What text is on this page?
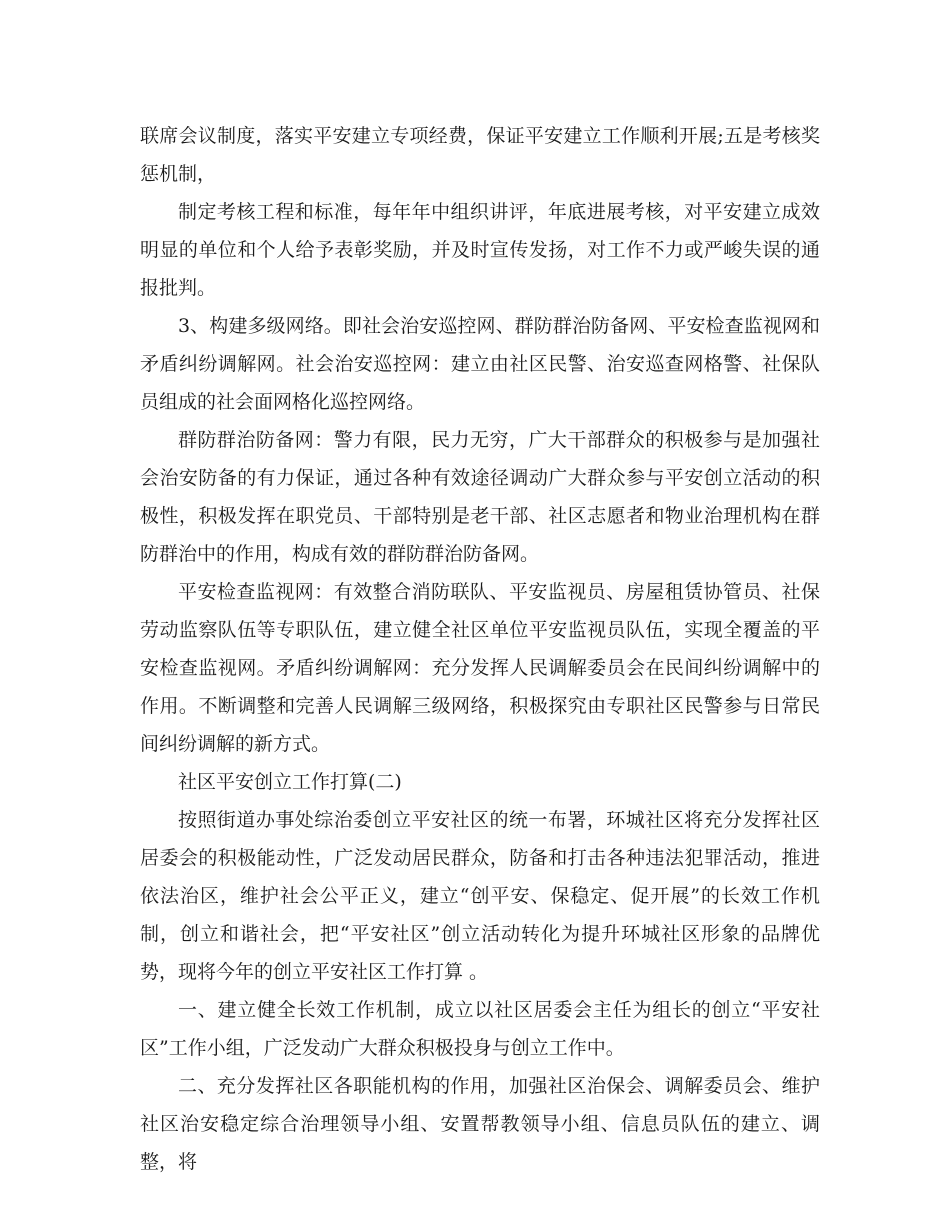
联席会议制度，落实平安建立专项经费，保证平安建立工作顺利开展;五是考核奖惩机制，

制定考核工程和标准，每年年中组织讲评，年底进展考核，对平安建立成效明显的单位和个人给予表彰奖励，并及时宣传发扬，对工作不力或严峻失误的通报批判。

3、构建多级网络。即社会治安巡控网、群防群治防备网、平安检查监视网和矛盾纠纷调解网。社会治安巡控网：建立由社区民警、治安巡查网格警、社保队员组成的社会面网格化巡控网络。

群防群治防备网：警力有限，民力无穷，广大干部群众的积极参与是加强社会治安防备的有力保证，通过各种有效途径调动广大群众参与平安创立活动的积极性，积极发挥在职党员、干部特别是老干部、社区志愿者和物业治理机构在群防群治中的作用，构成有效的群防群治防备网。

平安检查监视网：有效整合消防联队、平安监视员、房屋租赁协管员、社保劳动监察队伍等专职队伍，建立健全社区单位平安监视员队伍，实现全覆盖的平安检查监视网。矛盾纠纷调解网：充分发挥人民调解委员会在民间纠纷调解中的作用。不断调整和完善人民调解三级网络，积极探究由专职社区民警参与日常民间纠纷调解的新方式。

社区平安创立工作打算(二)

按照街道办事处综治委创立平安社区的统一布署，环城社区将充分发挥社区居委会的积极能动性，广泛发动居民群众，防备和打击各种违法犯罪活动，推进依法治区，维护社会公平正义，建立“创平安、保稳定、促开展”的长效工作机制，创立和谐社会，把“平安社区”创立活动转化为提升环城社区形象的品牌优势，现将今年的创立平安社区工作打算 。

一、建立健全长效工作机制，成立以社区居委会主任为组长的创立“平安社区”工作小组，广泛发动广大群众积极投身与创立工作中。

二、充分发挥社区各职能机构的作用，加强社区治保会、调解委员会、维护社区治安稳定综合治理领导小组、安置帮教领导小组、信息员队伍的建立、调整，将
